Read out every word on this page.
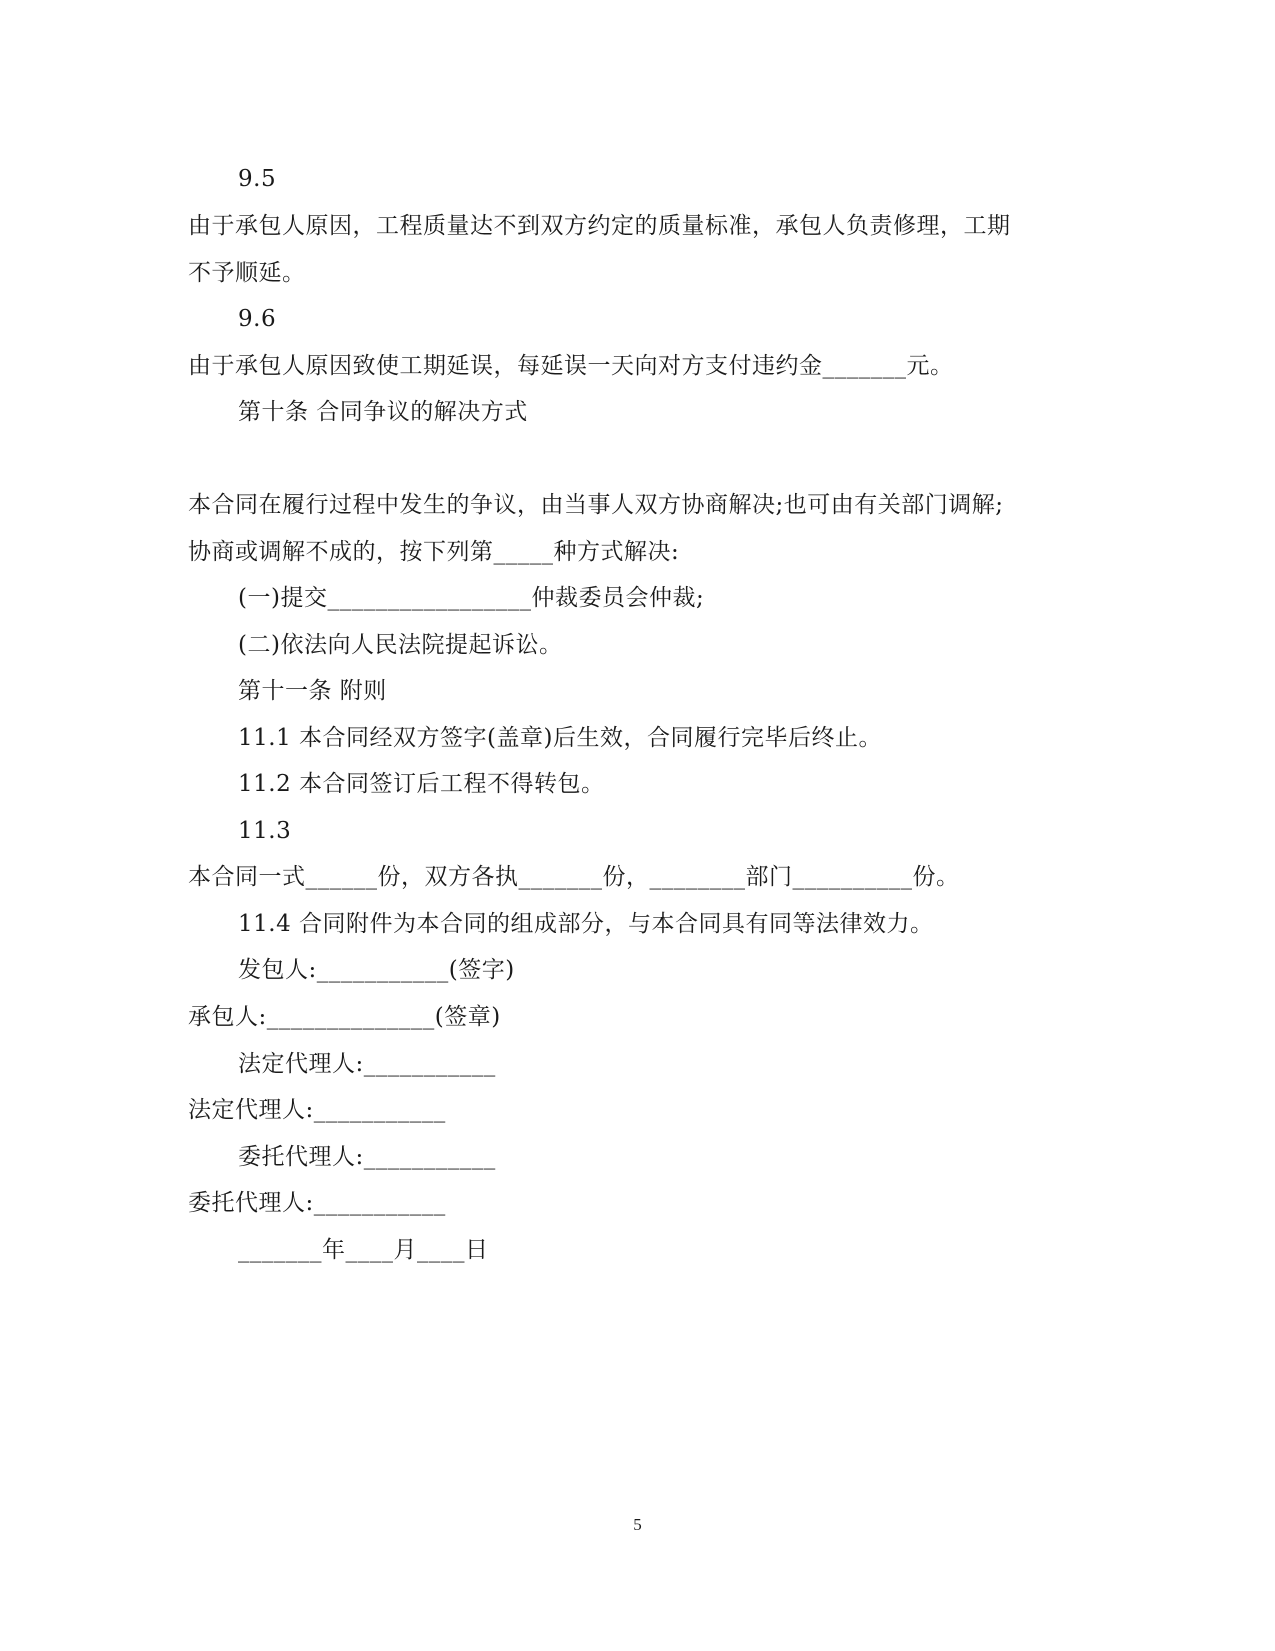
9.5
由于承包人原因，工程质量达不到双方约定的质量标准，承包人负责修理，工期
不予顺延。
9.6
由于承包人原因致使工期延误，每延误一天向对方支付违约金_______元。
第十条 合同争议的解决方式
本合同在履行过程中发生的争议，由当事人双方协商解决;也可由有关部门调解;
协商或调解不成的，按下列第_____种方式解决:
(一)提交_________________仲裁委员会仲裁;
(二)依法向人民法院提起诉讼。
第十一条 附则
11.1 本合同经双方签字(盖章)后生效，合同履行完毕后终止。
11.2 本合同签订后工程不得转包。
11.3
本合同一式______份，双方各执_______份，________部门__________份。
11.4 合同附件为本合同的组成部分，与本合同具有同等法律效力。
发包人:___________(签字)
承包人:______________(签章)
法定代理人:___________
法定代理人:___________
委托代理人:___________
委托代理人:___________
_______年____月____日
5
